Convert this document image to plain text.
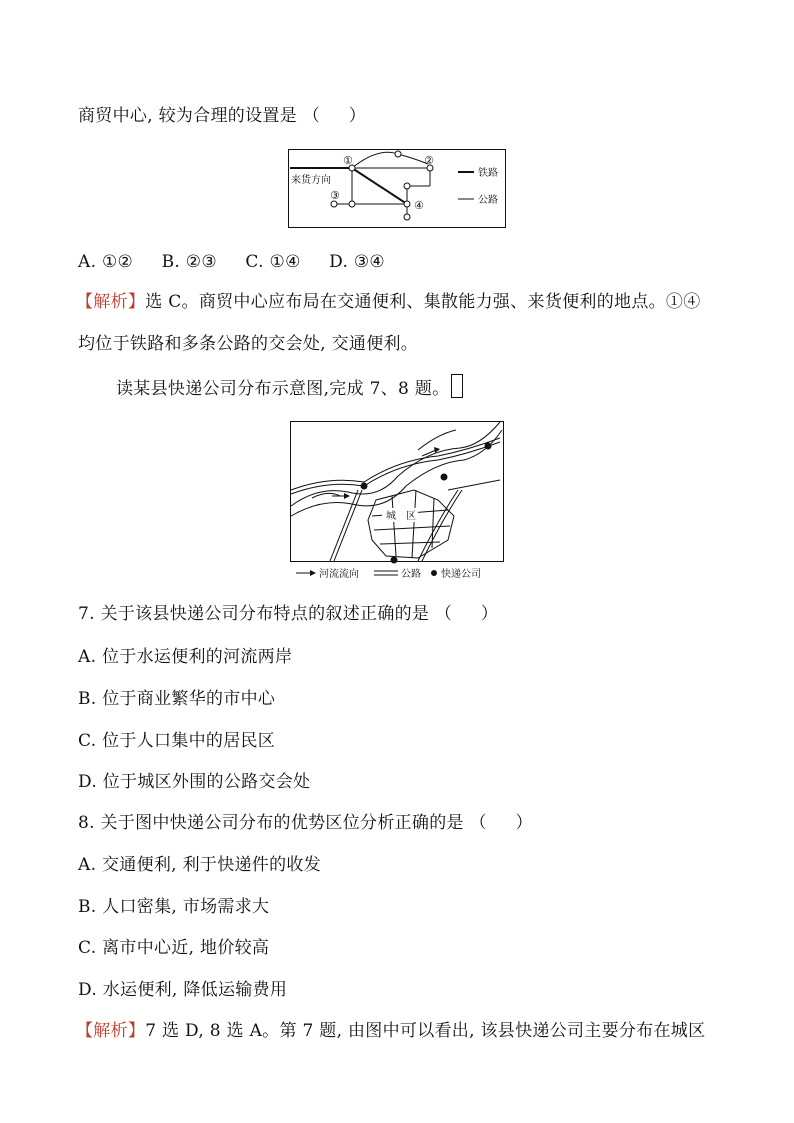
商贸中心, 较为合理的设置是 （ 　 ）
来货方向
①	②
③
④
铁路
公路
A. ①② B. ②③ C. ①④ D. ③④
【解析】选 C。商贸中心应布局在交通便利、集散能力强、来货便利的地点。①④
均位于铁路和多条公路的交会处, 交通便利。
读某县快递公司分布示意图,完成 7、8 题。
城　区
河流流向	公路 快递公司
7. 关于该县快递公司分布特点的叙述正确的是 （ 　 ）
A. 位于水运便利的河流两岸
B. 位于商业繁华的市中心
C. 位于人口集中的居民区
D. 位于城区外围的公路交会处
8. 关于图中快递公司分布的优势区位分析正确的是 （ 　 ）
A. 交通便利, 利于快递件的收发
B. 人口密集, 市场需求大
C. 离市中心近, 地价较高
D. 水运便利, 降低运输费用
【解析】7 选 D, 8 选 A。第 7 题, 由图中可以看出, 该县快递公司主要分布在城区
